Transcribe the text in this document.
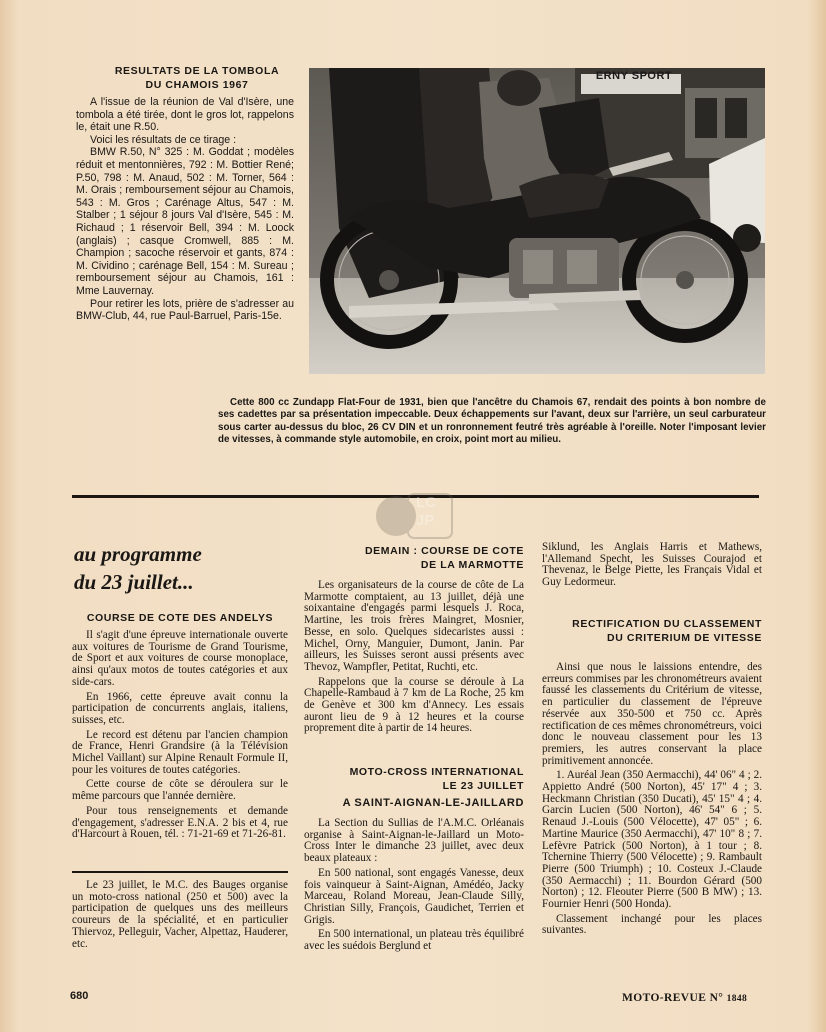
RESULTATS DE LA TOMBOLA
DU CHAMOIS 1967

A l'issue de la réunion de Val d'Isère, une tombola a été tirée, dont le gros lot, rappelons le, était une R.50.

Voici les résultats de ce tirage :

BMW R.50, N° 325 : M. Goddat ; modèles réduit et mentonnières, 792 : M. Bottier René; P.50, 798 : M. Anaud, 502 : M. Torner, 564 : M. Orais ; remboursement séjour au Chamois, 543 : M. Gros ; Carénage Altus, 547 : M. Stalber ; 1 séjour 8 jours Val d'Isère, 545 : M. Richaud ; 1 réservoir Bell, 394 : M. Loock (anglais) ; casque Cromwell, 885 : M. Champion ; sacoche réservoir et gants, 874 : M. Cividino ; carénage Bell, 154 : M. Sureau ; remboursement séjour au Chamois, 161 : Mme Lauvernay.

Pour retirer les lots, prière de s'adresser au BMW-Club, 44, rue Paul-Barruel, Paris-15e.

ERNY SPORT

Cette 800 cc Zundapp Flat-Four de 1931, bien que l'ancêtre du Chamois 67, rendait des points à bon nombre de ses cadettes par sa présentation impeccable. Deux échappements sur l'avant, deux sur l'arrière, un seul carburateur sous carter au-dessus du bloc, 26 CV DIN et un ronronnement feutré très agréable à l'oreille. Noter l'imposant levier de vitesses, à commande style automobile, en croix, point mort au milieu.

LC
JP
au programme
du 23 juillet...
COURSE DE COTE DES ANDELYS

Il s'agit d'une épreuve internationale ouverte aux voitures de Tourisme de Grand Tourisme, de Sport et aux voitures de course monoplace, ainsi qu'aux motos de toutes catégories et aux side-cars.

En 1966, cette épreuve avait connu la participation de concurrents anglais, italiens, suisses, etc.

Le record est détenu par l'ancien champion de France, Henri Grandsire (à la Télévision Michel Vaillant) sur Alpine Renault Formule II, pour les voitures de toutes catégories.

Cette course de côte se déroulera sur le même parcours que l'année dernière.

Pour tous renseignements et demande d'engagement, s'adresser E.N.A. 2 bis et 4, rue d'Harcourt à Rouen, tél. : 71-21-69 et 71-26-81.

Le 23 juillet, le M.C. des Bauges organise un moto-cross national (250 et 500) avec la participation de quelques uns des meilleurs coureurs de la spécialité, et en particulier Thiervoz, Pelleguir, Vacher, Alpettaz, Hauderer, etc.

DEMAIN : COURSE DE COTE
DE LA MARMOTTE

Les organisateurs de la course de côte de La Marmotte comptaient, au 13 juillet, déjà une soixantaine d'engagés parmi lesquels J. Roca, Martine, les trois frères Maingret, Mosnier, Besse, en solo. Quelques sidecaristes aussi : Michel, Orny, Manguier, Dumont, Janin. Par ailleurs, les Suisses seront aussi présents avec Thevoz, Wampfler, Petitat, Ruchti, etc.

Rappelons que la course se déroule à La Chapelle-Rambaud à 7 km de La Roche, 25 km de Genève et 300 km d'Annecy. Les essais auront lieu de 9 à 12 heures et la course proprement dite à partir de 14 heures.

MOTO-CROSS INTERNATIONAL
LE 23 JUILLET
A SAINT-AIGNAN-LE-JAILLARD

La Section du Sullias de l'A.M.C. Orléanais organise à Saint-Aignan-le-Jaillard un Moto-Cross Inter le dimanche 23 juillet, avec deux beaux plateaux :

En 500 national, sont engagés Vanesse, deux fois vainqueur à Saint-Aignan, Amédéo, Jacky Marceau, Roland Moreau, Jean-Claude Silly, Christian Silly, François, Gaudichet, Terrien et Grigis.

En 500 international, un plateau très équilibré avec les suédois Berglund et

Siklund, les Anglais Harris et Mathews, l'Allemand Specht, les Suisses Courajod et Thevenaz, le Belge Piette, les Français Vidal et Guy Ledormeur.

RECTIFICATION DU CLASSEMENT
DU CRITERIUM DE VITESSE

Ainsi que nous le laissions entendre, des erreurs commises par les chronométreurs avaient faussé les classements du Critérium de vitesse, en particulier du classement de l'épreuve réservée aux 350-500 et 750 cc. Après rectification de ces mêmes chronométreurs, voici donc le nouveau classement pour les 13 premiers, les autres conservant la place primitivement annoncée.

1. Auréal Jean (350 Aermacchi), 44' 06" 4 ; 2. Appietto André (500 Norton), 45' 17" 4 ; 3. Heckmann Christian (350 Ducati), 45' 15" 4 ; 4. Garcin Lucien (500 Norton), 46' 54" 6 ; 5. Renaud J.-Louis (500 Vélocette), 47' 05" ; 6. Martine Maurice (350 Aermacchi), 47' 10" 8 ; 7. Lefèvre Patrick (500 Norton), à 1 tour ; 8. Tchernine Thierry (500 Vélocette) ; 9. Rambault Pierre (500 Triumph) ; 10. Costeux J.-Claude (350 Aermacchi) ; 11. Bourdon Gérard (500 Norton) ; 12. Fleouter Pierre (500 B MW) ; 13. Fournier Henri (500 Honda).

Classement inchangé pour les places suivantes.

680	MOTO-REVUE N° 1848
